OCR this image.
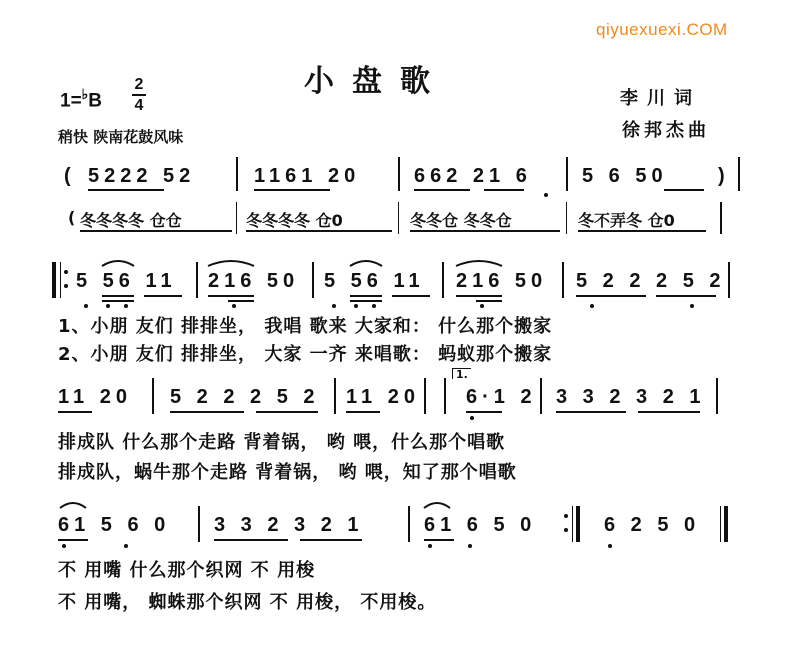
qiyuexuexi.COM
小盘歌
1=♭B
2
4
稍快 陕南花鼓风味
李川词
徐邦杰曲
( 5222 52	1161 20	662 21 6	5 6 50	)
( 冬冬冬冬 仓仓	冬冬冬冬 仓0	冬冬仓 冬冬仓	冬不弄冬 仓0
5 56 11 216 50 5 56 11 216 50 5 2 2 2 5 2
1、小朋 友们 排排坐， 我唱 歌来 大家和： 什么那个搬家
2、小朋 友们 排排坐， 大家 一齐 来唱歌： 蚂蚁那个搬家
11 20 5 2 2 2 5 2 11 20
1.
6·1 2 3 3 2 3 2 1
排成队 什么那个走路 背着锅， 哟 喂，什么那个唱歌
排成队，蜗牛那个走路 背着锅， 哟 喂，知了那个唱歌
61 5 6 0 3 3 2 3 2 1	61 6 5 0	6 2 5 0
不 用嘴 什么那个织网 不 用梭
不 用嘴， 蜘蛛那个织网 不 用梭， 不用梭。
